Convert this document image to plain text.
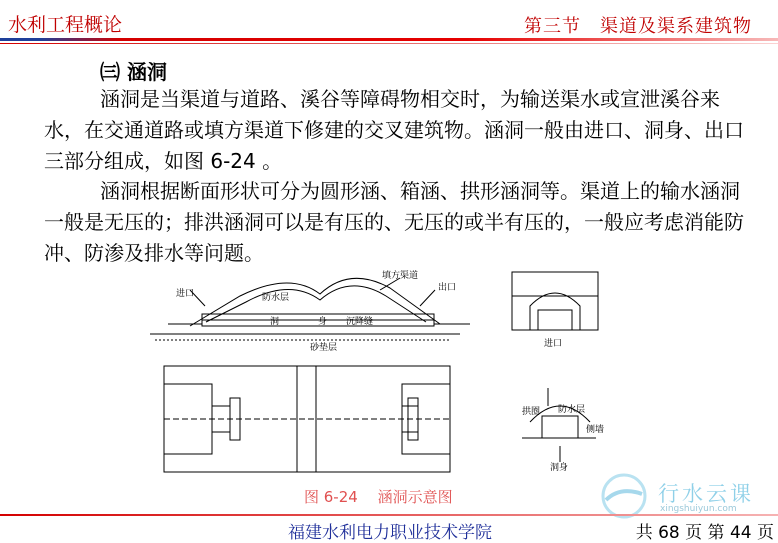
水利工程概论	第三节　渠道及渠系建筑物
㈢ 涵洞
涵洞是当渠道与道路、溪谷等障碍物相交时，为输送渠水或宣泄溪谷来水，在交通道路或填方渠道下修建的交叉建筑物。涵洞一般由进口、洞身、出口三部分组成，如图 6-24 。
涵洞根据断面形状可分为圆形涵、箱涵、拱形涵洞等。渠道上的输水涵洞一般是无压的；排洪涵洞可以是有压的、无压的或半有压的，一般应考虑消能防冲、防渗及排水等问题。
进口	防水层
填方渠道
出口
洞	身 沉降缝
砂垫层	进口
拱圈 防水层
侧墙
洞身
图 6-24　 涵洞示意图	行水云课
xingshuiyun.com
福建水利电力职业技术学院	共 68 页 第 44 页
